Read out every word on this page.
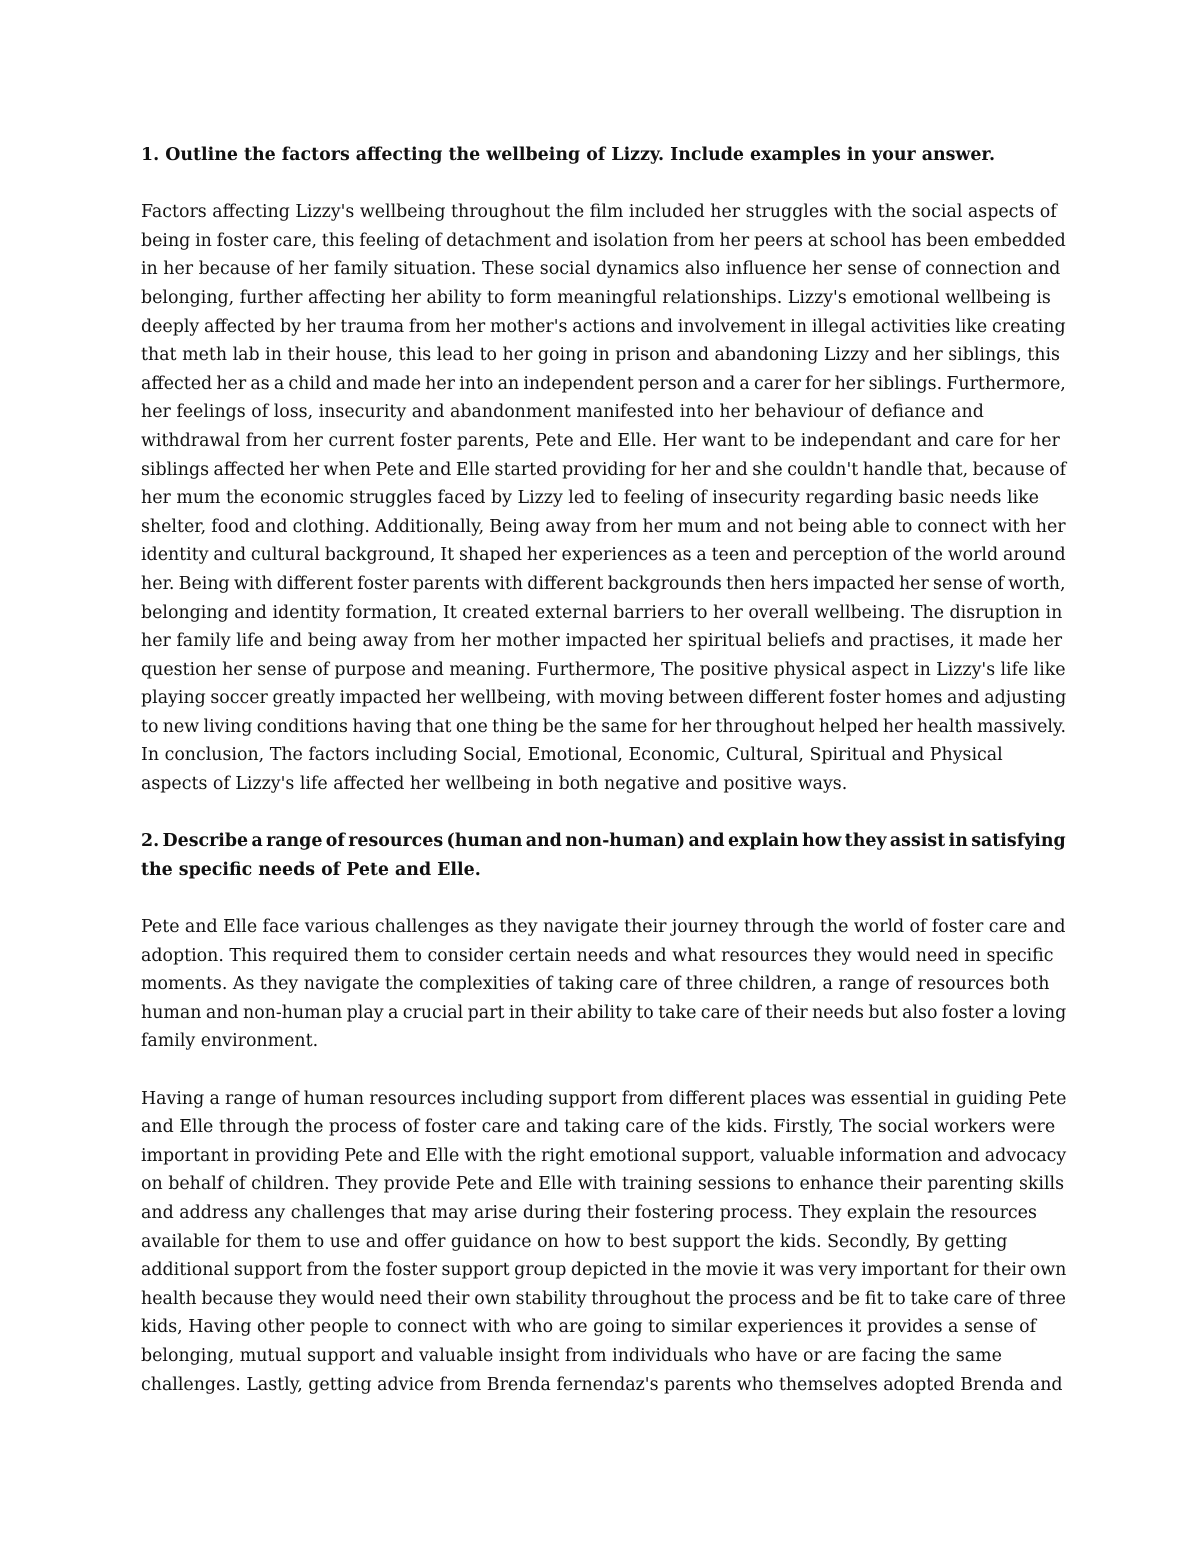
1. Outline the factors affecting the wellbeing of Lizzy. Include examples in your answer.

Factors affecting Lizzy's wellbeing throughout the film included her struggles with the social aspects of
being in foster care, this feeling of detachment and isolation from her peers at school has been embedded
in her because of her family situation. These social dynamics also influence her sense of connection and
belonging, further affecting her ability to form meaningful relationships. Lizzy's emotional wellbeing is
deeply affected by her trauma from her mother's actions and involvement in illegal activities like creating
that meth lab in their house, this lead to her going in prison and abandoning Lizzy and her siblings, this
affected her as a child and made her into an independent person and a carer for her siblings. Furthermore,
her feelings of loss, insecurity and abandonment manifested into her behaviour of defiance and
withdrawal from her current foster parents, Pete and Elle. Her want to be independant and care for her
siblings affected her when Pete and Elle started providing for her and she couldn't handle that, because of
her mum the economic struggles faced by Lizzy led to feeling of insecurity regarding basic needs like
shelter, food and clothing. Additionally, Being away from her mum and not being able to connect with her
identity and cultural background, It shaped her experiences as a teen and perception of the world around
her. Being with different foster parents with different backgrounds then hers impacted her sense of worth,
belonging and identity formation, It created external barriers to her overall wellbeing. The disruption in
her family life and being away from her mother impacted her spiritual beliefs and practises, it made her
question her sense of purpose and meaning. Furthermore, The positive physical aspect in Lizzy's life like
playing soccer greatly impacted her wellbeing, with moving between different foster homes and adjusting
to new living conditions having that one thing be the same for her throughout helped her health massively.
In conclusion, The factors including Social, Emotional, Economic, Cultural, Spiritual and Physical
aspects of Lizzy's life affected her wellbeing in both negative and positive ways.

2. Describe a range of resources (human and non-human) and explain how they assist in satisfying
the specific needs of Pete and Elle.

Pete and Elle face various challenges as they navigate their journey through the world of foster care and
adoption. This required them to consider certain needs and what resources they would need in specific
moments. As they navigate the complexities of taking care of three children, a range of resources both
human and non-human play a crucial part in their ability to take care of their needs but also foster a loving
family environment.

Having a range of human resources including support from different places was essential in guiding Pete
and Elle through the process of foster care and taking care of the kids. Firstly, The social workers were
important in providing Pete and Elle with the right emotional support, valuable information and advocacy
on behalf of children. They provide Pete and Elle with training sessions to enhance their parenting skills
and address any challenges that may arise during their fostering process. They explain the resources
available for them to use and offer guidance on how to best support the kids. Secondly, By getting
additional support from the foster support group depicted in the movie it was very important for their own
health because they would need their own stability throughout the process and be fit to take care of three
kids, Having other people to connect with who are going to similar experiences it provides a sense of
belonging, mutual support and valuable insight from individuals who have or are facing the same
challenges. Lastly, getting advice from Brenda fernendaz's parents who themselves adopted Brenda and
